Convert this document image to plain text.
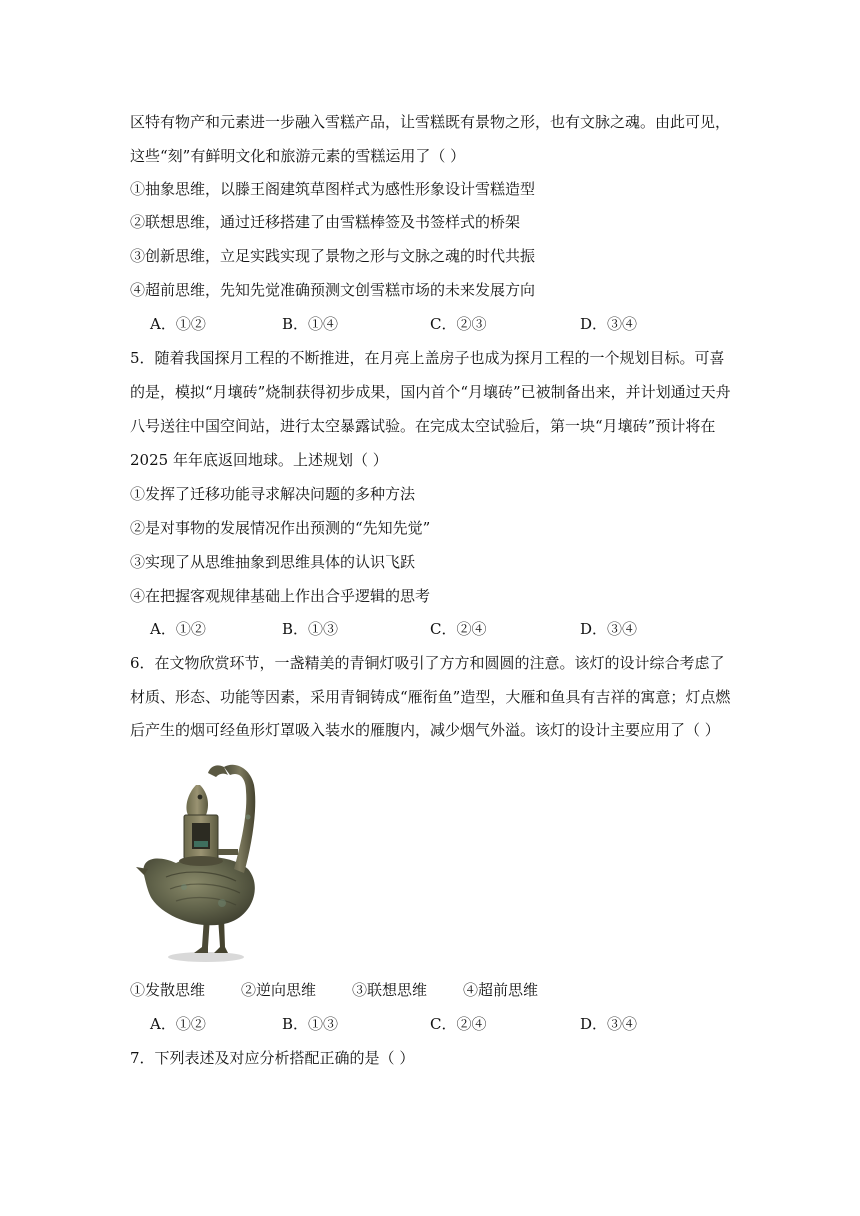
区特有物产和元素进一步融入雪糕产品，让雪糕既有景物之形，也有文脉之魂。由此可见，
这些“刻”有鲜明文化和旅游元素的雪糕运用了（ ）
①抽象思维，以滕王阁建筑草图样式为感性形象设计雪糕造型
②联想思维，通过迁移搭建了由雪糕棒签及书签样式的桥架
③创新思维，立足实践实现了景物之形与文脉之魂的时代共振
④超前思维，先知先觉准确预测文创雪糕市场的未来发展方向
A．①②	B．①④	C．②③	D．③④
5．随着我国探月工程的不断推进，在月亮上盖房子也成为探月工程的一个规划目标。可喜
的是，模拟“月壤砖”烧制获得初步成果，国内首个“月壤砖”已被制备出来，并计划通过天舟
八号送往中国空间站，进行太空暴露试验。在完成太空试验后，第一块“月壤砖”预计将在
2025 年年底返回地球。上述规划（ ）
①发挥了迁移功能寻求解决问题的多种方法
②是对事物的发展情况作出预测的“先知先觉”
③实现了从思维抽象到思维具体的认识飞跃
④在把握客观规律基础上作出合乎逻辑的思考
A．①②	B．①③	C．②④	D．③④
6．在文物欣赏环节，一盏精美的青铜灯吸引了方方和圆圆的注意。该灯的设计综合考虑了
材质、形态、功能等因素，采用青铜铸成“雁衔鱼”造型，大雁和鱼具有吉祥的寓意；灯点燃
后产生的烟可经鱼形灯罩吸入装水的雁腹内，减少烟气外溢。该灯的设计主要应用了（ ）
①发散思维 ②逆向思维 ③联想思维 ④超前思维
A．①②	B．①③	C．②④	D．③④
7．下列表述及对应分析搭配正确的是（ ）
